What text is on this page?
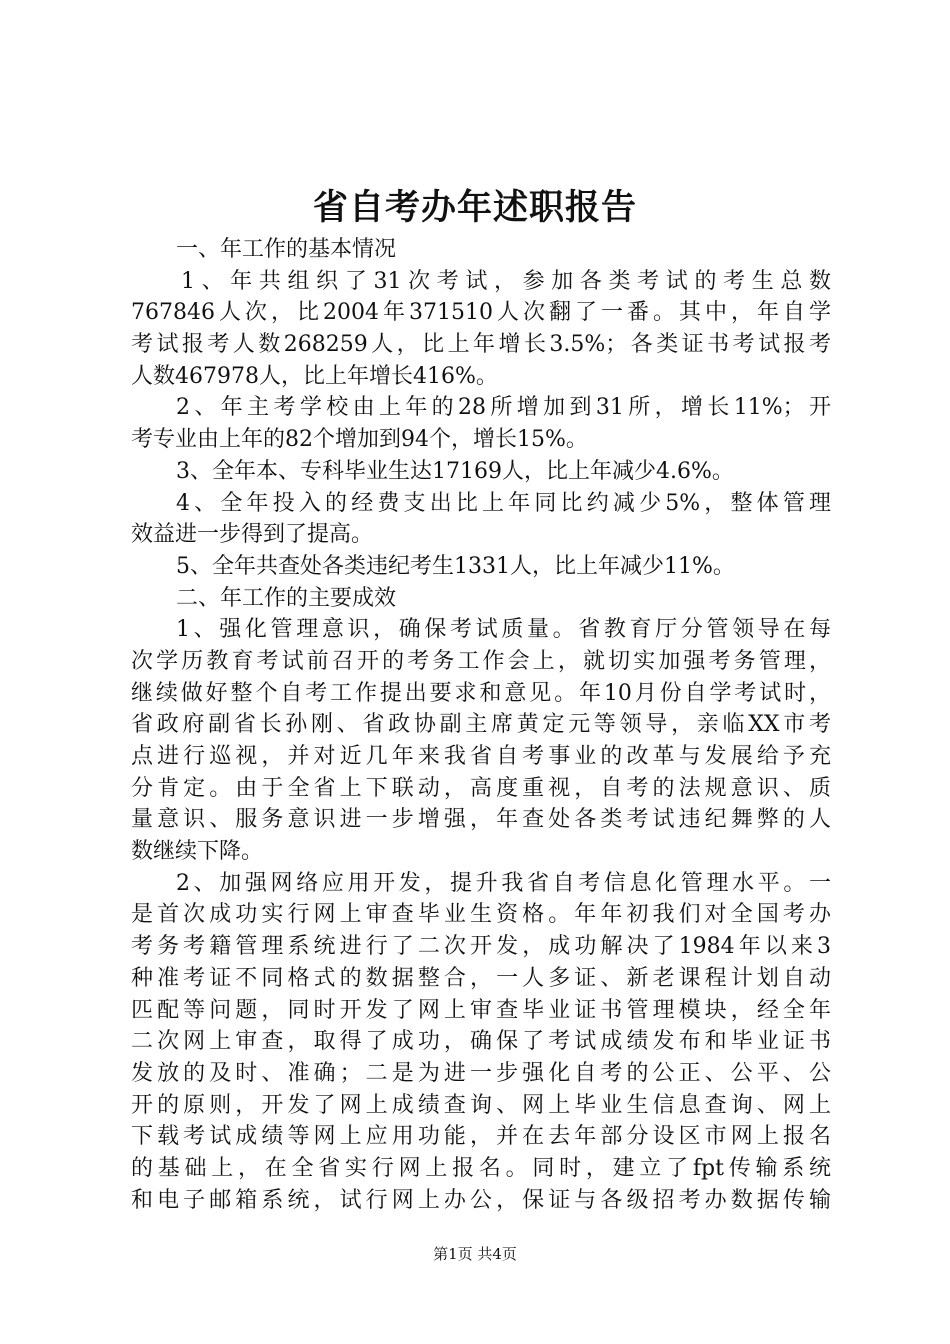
省自考办年述职报告
一、年工作的基本情况
1、年共组织了31次考试，参加各类考试的考生总数
767846人次，比2004年371510人次翻了一番。其中，年自学
考试报考人数268259人，比上年增长3.5%；各类证书考试报考
人数467978人，比上年增长416%。
2、年主考学校由上年的28所增加到31所，增长11%；开
考专业由上年的82个增加到94个，增长15%。
3、全年本、专科毕业生达17169人，比上年减少4.6%。
4、全年投入的经费支出比上年同比约减少5%，整体管理
效益进一步得到了提高。
5、全年共查处各类违纪考生1331人，比上年减少11%。
二、年工作的主要成效
1、强化管理意识，确保考试质量。省教育厅分管领导在每
次学历教育考试前召开的考务工作会上，就切实加强考务管理，
继续做好整个自考工作提出要求和意见。年10月份自学考试时，
省政府副省长孙刚、省政协副主席黄定元等领导，亲临XX市考
点进行巡视，并对近几年来我省自考事业的改革与发展给予充
分肯定。由于全省上下联动，高度重视，自考的法规意识、质
量意识、服务意识进一步增强，年查处各类考试违纪舞弊的人
数继续下降。
2、加强网络应用开发，提升我省自考信息化管理水平。一
是首次成功实行网上审查毕业生资格。年年初我们对全国考办
考务考籍管理系统进行了二次开发，成功解决了1984年以来3
种准考证不同格式的数据整合，一人多证、新老课程计划自动
匹配等问题，同时开发了网上审查毕业证书管理模块，经全年
二次网上审查，取得了成功，确保了考试成绩发布和毕业证书
发放的及时、准确；二是为进一步强化自考的公正、公平、公
开的原则，开发了网上成绩查询、网上毕业生信息查询、网上
下载考试成绩等网上应用功能，并在去年部分设区市网上报名
的基础上，在全省实行网上报名。同时，建立了fpt传输系统
和电子邮箱系统，试行网上办公，保证与各级招考办数据传输
第1页 共4页
